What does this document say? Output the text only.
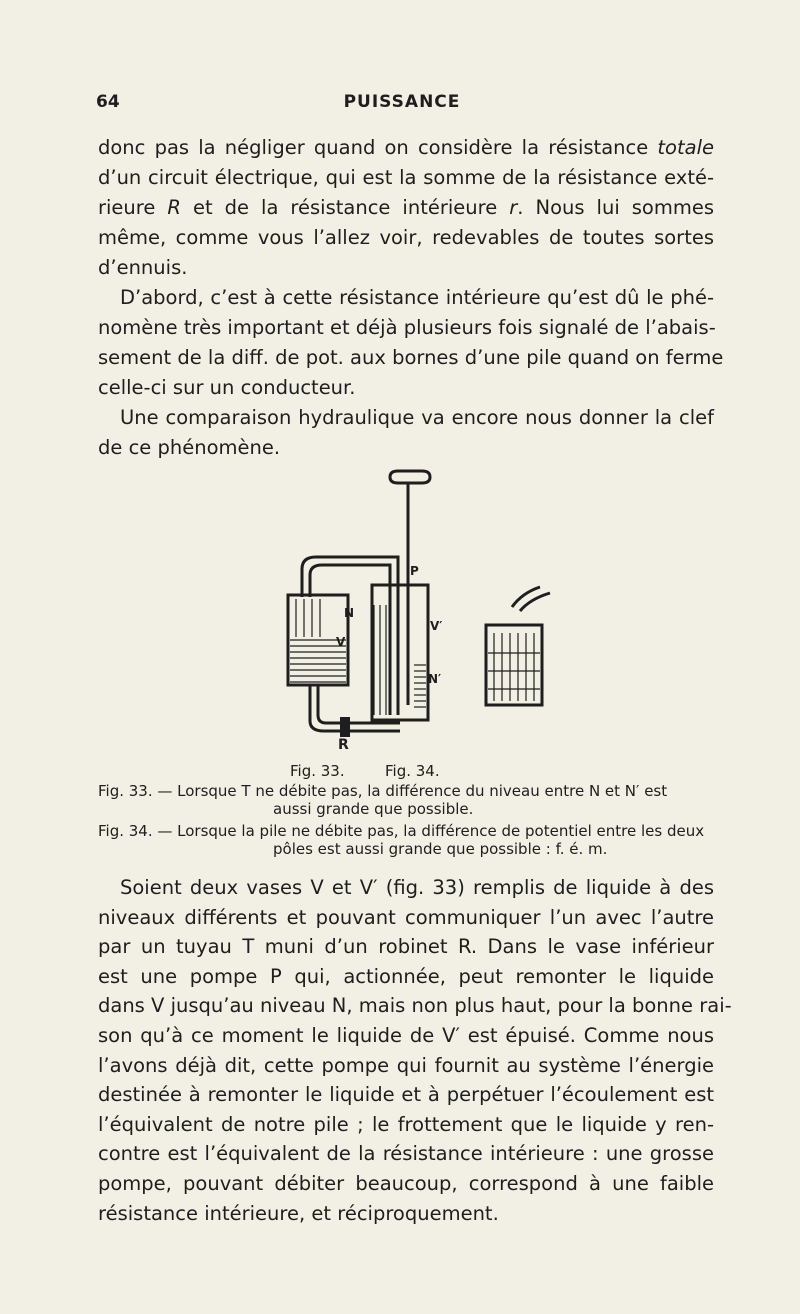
64	PUISSANCE
donc pas la négliger quand on considère la résistance totale
d’un circuit électrique, qui est la somme de la résistance exté-
rieure R et de la résistance intérieure r. Nous lui sommes
même, comme vous l’allez voir, redevables de toutes sortes
d’ennuis.
D’abord, c’est à cette résistance intérieure qu’est dû le phé-
nomène très important et déjà plusieurs fois signalé de l’abais-
sement de la diff. de pot. aux bornes d’une pile quand on ferme
celle-ci sur un conducteur.
Une comparaison hydraulique va encore nous donner la clef
de ce phénomène.
P
N
V
V′
N′
R
Fig. 33.	Fig. 34.
Fig. 33. — Lorsque T ne débite pas, la différence du niveau entre N et N′ est
aussi grande que possible.
Fig. 34. — Lorsque la pile ne débite pas, la différence de potentiel entre les deux
pôles est aussi grande que possible : f. é. m.
Soient deux vases V et V′ (fig. 33) remplis de liquide à des
niveaux différents et pouvant communiquer l’un avec l’autre
par un tuyau T muni d’un robinet R. Dans le vase inférieur
est une pompe P qui, actionnée, peut remonter le liquide
dans V jusqu’au niveau N, mais non plus haut, pour la bonne rai-
son qu’à ce moment le liquide de V′ est épuisé. Comme nous
l’avons déjà dit, cette pompe qui fournit au système l’énergie
destinée à remonter le liquide et à perpétuer l’écoulement est
l’équivalent de notre pile ; le frottement que le liquide y ren-
contre est l’équivalent de la résistance intérieure : une grosse
pompe, pouvant débiter beaucoup, correspond à une faible
résistance intérieure, et réciproquement.
